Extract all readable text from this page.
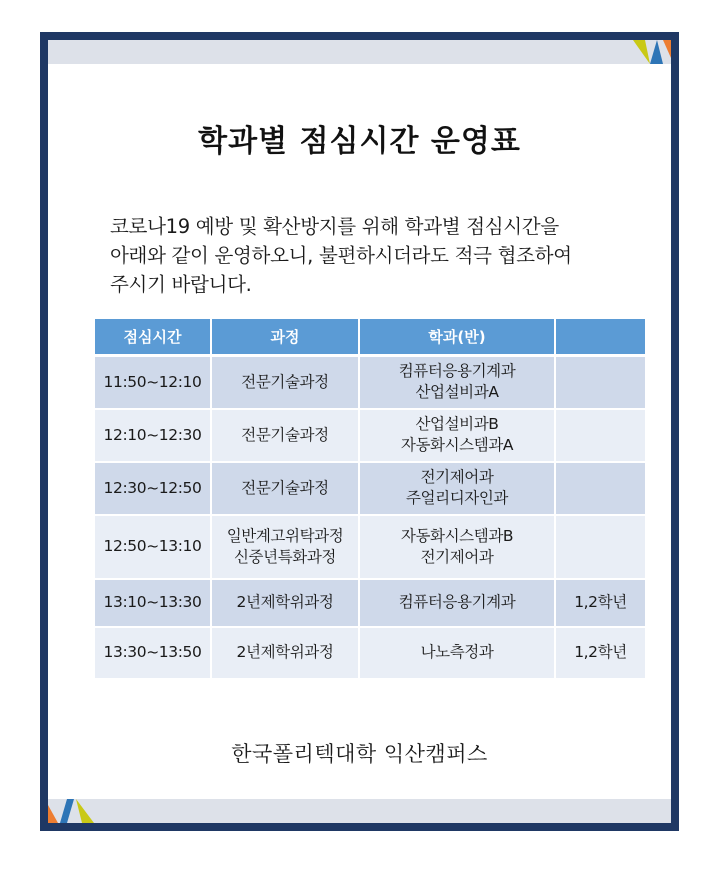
학과별 점심시간 운영표
코로나19 예방 및 확산방지를 위해 학과별 점심시간을
아래와 같이 운영하오니, 불편하시더라도 적극 협조하여
주시기 바랍니다.
점심시간	과정	학과(반)	
11:50~12:10	전문기술과정	컴퓨터응용기계과
산업설비과A	
12:10~12:30	전문기술과정	산업설비과B
자동화시스템과A	
12:30~12:50	전문기술과정	전기제어과
주얼리디자인과	
12:50~13:10	일반계고위탁과정
신중년특화과정	자동화시스템과B
전기제어과	
13:10~13:30	2년제학위과정	컴퓨터응용기계과	1,2학년
13:30~13:50	2년제학위과정	나노측정과	1,2학년
한국폴리텍대학 익산캠퍼스
